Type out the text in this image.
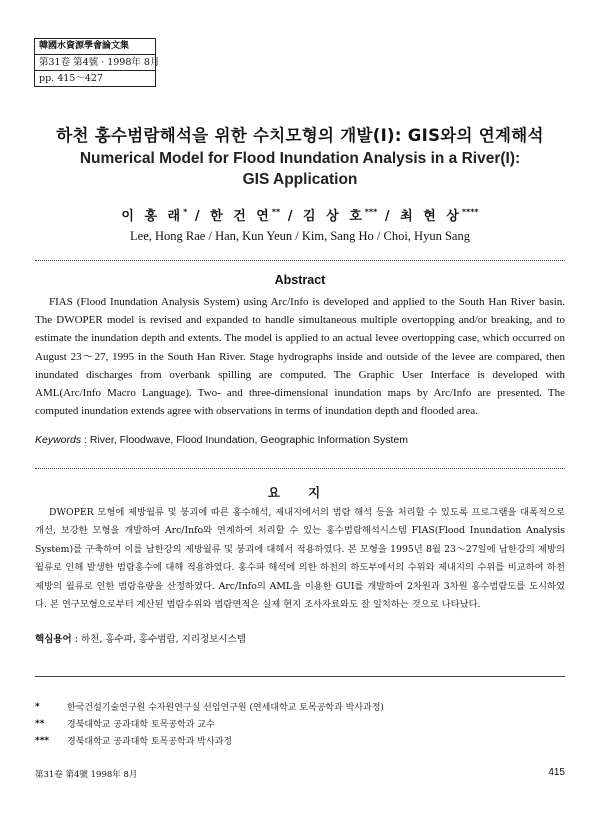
韓國水資源學會論文集
第31卷 第4號 · 1998年 8月
pp. 415～427
하천 홍수범람해석을 위한 수치모형의 개발(I): GIS와의 연계해석
Numerical Model for Flood Inundation Analysis in a River(I):
GIS Application
이 홍 래* / 한 건 연** / 김 상 호*** / 최 현 상****
Lee, Hong Rae / Han, Kun Yeun / Kim, Sang Ho / Choi, Hyun Sang
Abstract

FIAS (Flood Inundation Analysis System) using Arc/Info is developed and applied to the South Han River basin. The DWOPER model is revised and expanded to handle simultaneous multiple overtopping and/or breaking, and to estimate the inundation depth and extents. The model is applied to an actual levee overtopping case, which occurred on August 23～27, 1995 in the South Han River. Stage hydrographs inside and outside of the levee are compared, then inundated discharges from overbank spilling are computed. The Graphic User Interface is developed with AML(Arc/Info Macro Language). Two- and three-dimensional inundation maps by Arc/Info are presented. The computed inundation extends agree with observations in terms of inundation depth and flooded area.

Keywords : River, Floodwave, Flood Inundation, Geographic Information System
요 지

DWOPER 모형에 제방월류 및 붕괴에 따른 홍수해석, 제내지에서의 범람 해석 등을 처리할 수 있도록 프로그램을 대폭적으로 개선, 보강한 모형을 개발하여 Arc/Info와 연계하여 처리할 수 있는 홍수범람해석시스템 FIAS(Flood Inundation Analysis System)를 구축하여 이를 남한강의 제방월류 및 붕괴에 대해서 적용하였다. 본 모형을 1995년 8월 23～27일에 남한강의 제방의 월류로 인해 발생한 범람홍수에 대해 적용하였다. 홍수파 해석에 의한 하천의 하도부에서의 수위와 제내지의 수위를 비교하여 하천제방의 월류로 인한 범람유량을 산정하였다. Arc/Info의 AML을 이용한 GUI를 개발하여 2차원과 3차원 홍수범람도를 도시하였다. 본 연구모형으로부터 계산된 범람수위와 범람면적은 실제 현지 조사자료와도 잘 일치하는 것으로 나타났다.

핵심용어 : 하천, 홍수파, 홍수범람, 지리정보시스템
*	한국건설기술연구원 수자원연구실 선임연구원 (연세대학교 토목공학과 박사과정)
**	경북대학교 공과대학 토목공학과 교수
***	경북대학교 공과대학 토목공학과 박사과정
第31卷 第4號 1998年 8月	415
